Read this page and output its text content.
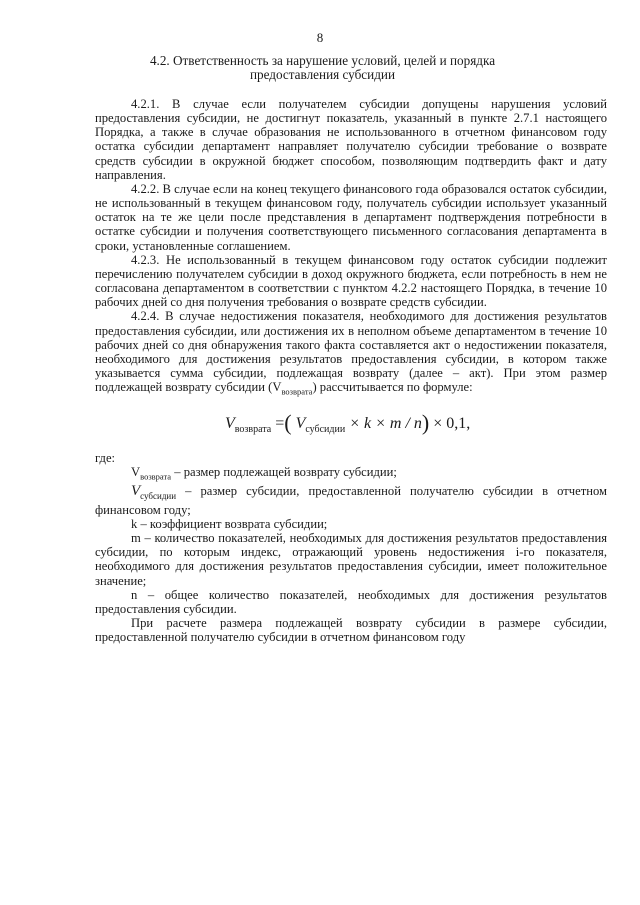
8
4.2. Ответственность за нарушение условий, целей и порядка предоставления субсидии

4.2.1. В случае если получателем субсидии допущены нарушения условий предоставления субсидии, не достигнут показатель, указанный в пункте 2.7.1 настоящего Порядка, а также в случае образования не использованного в отчетном финансовом году остатка субсидии департамент направляет получателю субсидии требование о возврате средств субсидии в окружной бюджет способом, позволяющим подтвердить факт и дату направления.

4.2.2. В случае если на конец текущего финансового года образовался остаток субсидии, не использованный в текущем финансовом году, получатель субсидии использует указанный остаток на те же цели после представления в департамент подтверждения потребности в остатке субсидии и получения соответствующего письменного согласования департамента в сроки, установленные соглашением.

4.2.3. Не использованный в текущем финансовом году остаток субсидии подлежит перечислению получателем субсидии в доход окружного бюджета, если потребность в нем не согласована департаментом в соответствии с пунктом 4.2.2 настоящего Порядка, в течение 10 рабочих дней со дня получения требования о возврате средств субсидии.

4.2.4. В случае недостижения показателя, необходимого для достижения результатов предоставления субсидии, или достижения их в неполном объеме департаментом в течение 10 рабочих дней со дня обнаружения такого факта составляется акт о недостижении показателя, необходимого для достижения результатов предоставления субсидии, в котором также указывается сумма субсидии, подлежащая возврату (далее – акт). При этом размер подлежащей возврату субсидии $(V_{возврата})$ рассчитывается по формуле:

$V_{возврата}$ =( $V_{субсидии} \times k \times m / n) \times 0,1$,

где:

$V_{возврата}$ – размер подлежащей возврату субсидии;

$V_{субсидии}$ – размер субсидии, предоставленной получателю субсидии в отчетном финансовом году;

k – коэффициент возврата субсидии;

m – количество показателей, необходимых для достижения результатов предоставления субсидии, по которым индекс, отражающий уровень недостижения i-го показателя, необходимого для достижения результатов предоставления субсидии, имеет положительное значение;

n – общее количество показателей, необходимых для достижения результатов предоставления субсидии.

При расчете размера подлежащей возврату субсидии в размере субсидии, предоставленной получателю субсидии в отчетном финансовом году
